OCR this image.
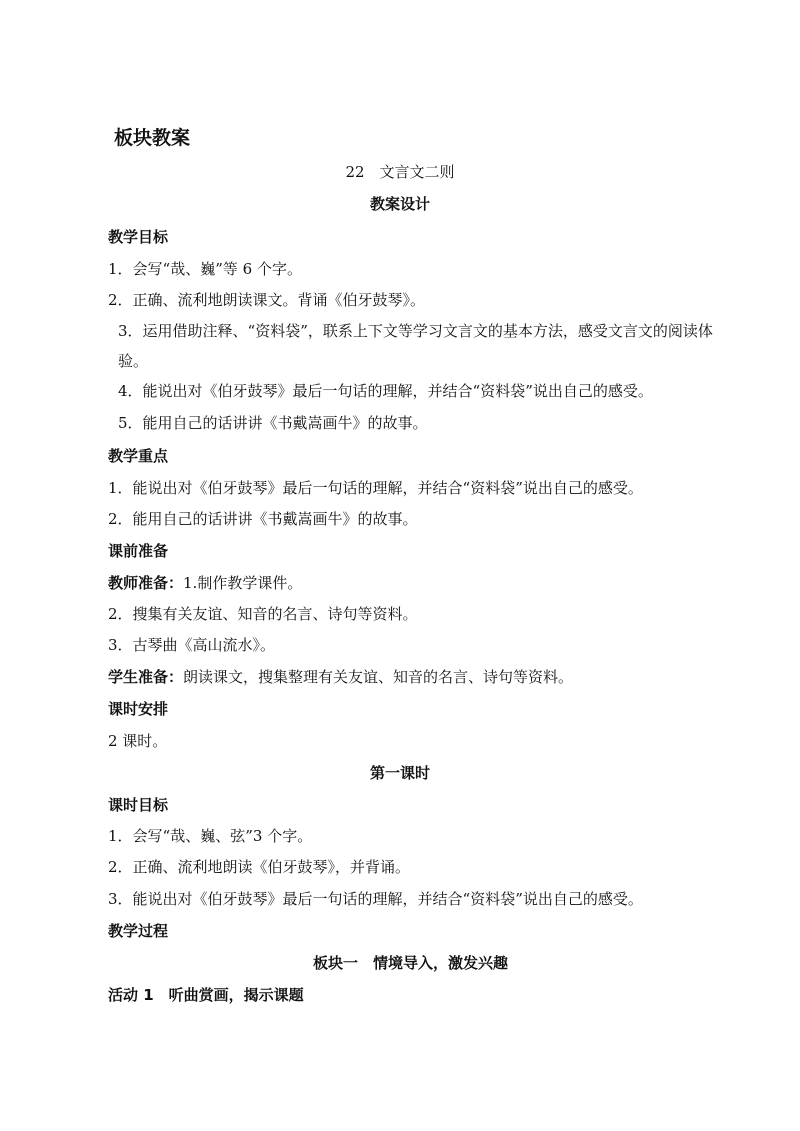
板块教案
22　文言文二则
教案设计
教学目标
1．会写“哉、巍”等 6 个字。
2．正确、流利地朗读课文。背诵《伯牙鼓琴》。
3．运用借助注释、“资料袋”，联系上下文等学习文言文的基本方法，感受文言文的阅读体验。
4．能说出对《伯牙鼓琴》最后一句话的理解，并结合“资料袋”说出自己的感受。
5．能用自己的话讲讲《书戴嵩画牛》的故事。
教学重点
1．能说出对《伯牙鼓琴》最后一句话的理解，并结合“资料袋”说出自己的感受。
2．能用自己的话讲讲《书戴嵩画牛》的故事。
课前准备
教师准备：1.制作教学课件。
2．搜集有关友谊、知音的名言、诗句等资料。
3．古琴曲《高山流水》。
学生准备：朗读课文，搜集整理有关友谊、知音的名言、诗句等资料。
课时安排
2 课时。
第一课时
课时目标
1．会写“哉、巍、弦”3 个字。
2．正确、流利地朗读《伯牙鼓琴》，并背诵。
3．能说出对《伯牙鼓琴》最后一句话的理解，并结合“资料袋”说出自己的感受。
教学过程
板块一　情境导入，激发兴趣
活动 1　听曲赏画，揭示课题
